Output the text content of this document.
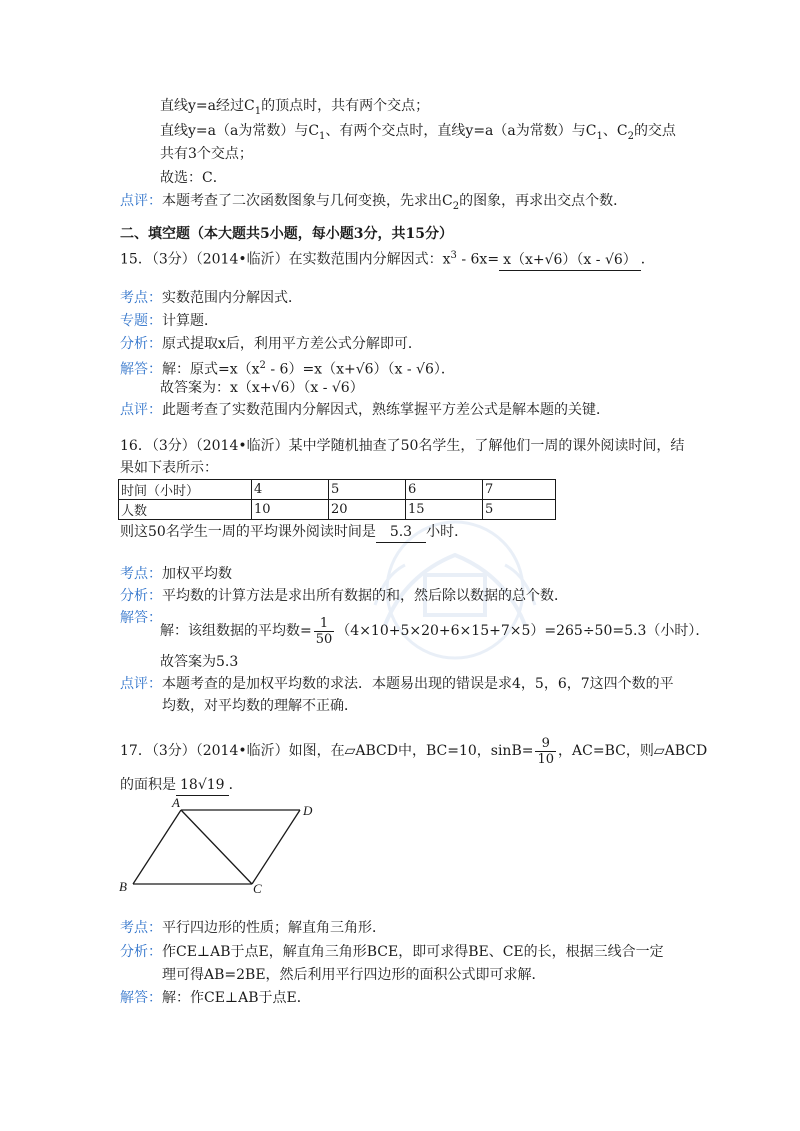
直线y=a经过$C_1$的顶点时，共有两个交点；
直线y=a（a为常数）与$C_1$、有两个交点时，直线y=a（a为常数）与$C_1$、$C_2$的交点
共有3个交点；
故选：C．
点评：本题考查了二次函数图象与几何变换，先求出$C_2$的图象，再求出交点个数．
二、填空题（本大题共5小题，每小题3分，共15分）
15．（3分）（2014•临沂）在实数范围内分解因式：$x^3 - 6x= x(x+√6)(x - √6)$ ．
考点：实数范围内分解因式．
专题：计算题．
分析：原式提取x后，利用平方差公式分解即可．
解答：解：原式$=x(x^2 - 6)=x(x+√6)(x - √6)$．
故答案为：x（x+√6）（x - √6）
点评：此题考查了实数范围内分解因式，熟练掌握平方差公式是解本题的关键．
16．（3分）（2014•临沂）某中学随机抽查了50名学生，了解他们一周的课外阅读时间，结
果如下表所示：
时间（小时）	4	5	6	7
人数	10	20	15	5
则这50名学生一周的平均课外阅读时间是 5.3 小时．
考点：加权平均数
分析：平均数的计算方法是求出所有数据的和，然后除以数据的总个数．
解答：
解：该组数据的平均数= $\frac{1}{50} (4\times 10+5\times 20+6\times 15+7\times 5)=265\div 50=5.3$（小时）．
故答案为5.3
点评：本题考查的是加权平均数的求法．本题易出现的错误是求4，5，6，7这四个数的平
均数，对平均数的理解不正确．
17．（3分）（2014•临沂）如图，在▱ABCD中，BC=10，$\sin B= \frac{9}{10}$ ，AC=BC，则▱ABCD
的面积是 18√19 ．
A
D
B	C
考点：平行四边形的性质；解直角三角形．
分析：作CE⊥AB于点E，解直角三角形BCE，即可求得BE、CE的长，根据三线合一定
理可得AB=2BE，然后利用平行四边形的面积公式即可求解．
解答：解：作CE⊥AB于点E．
